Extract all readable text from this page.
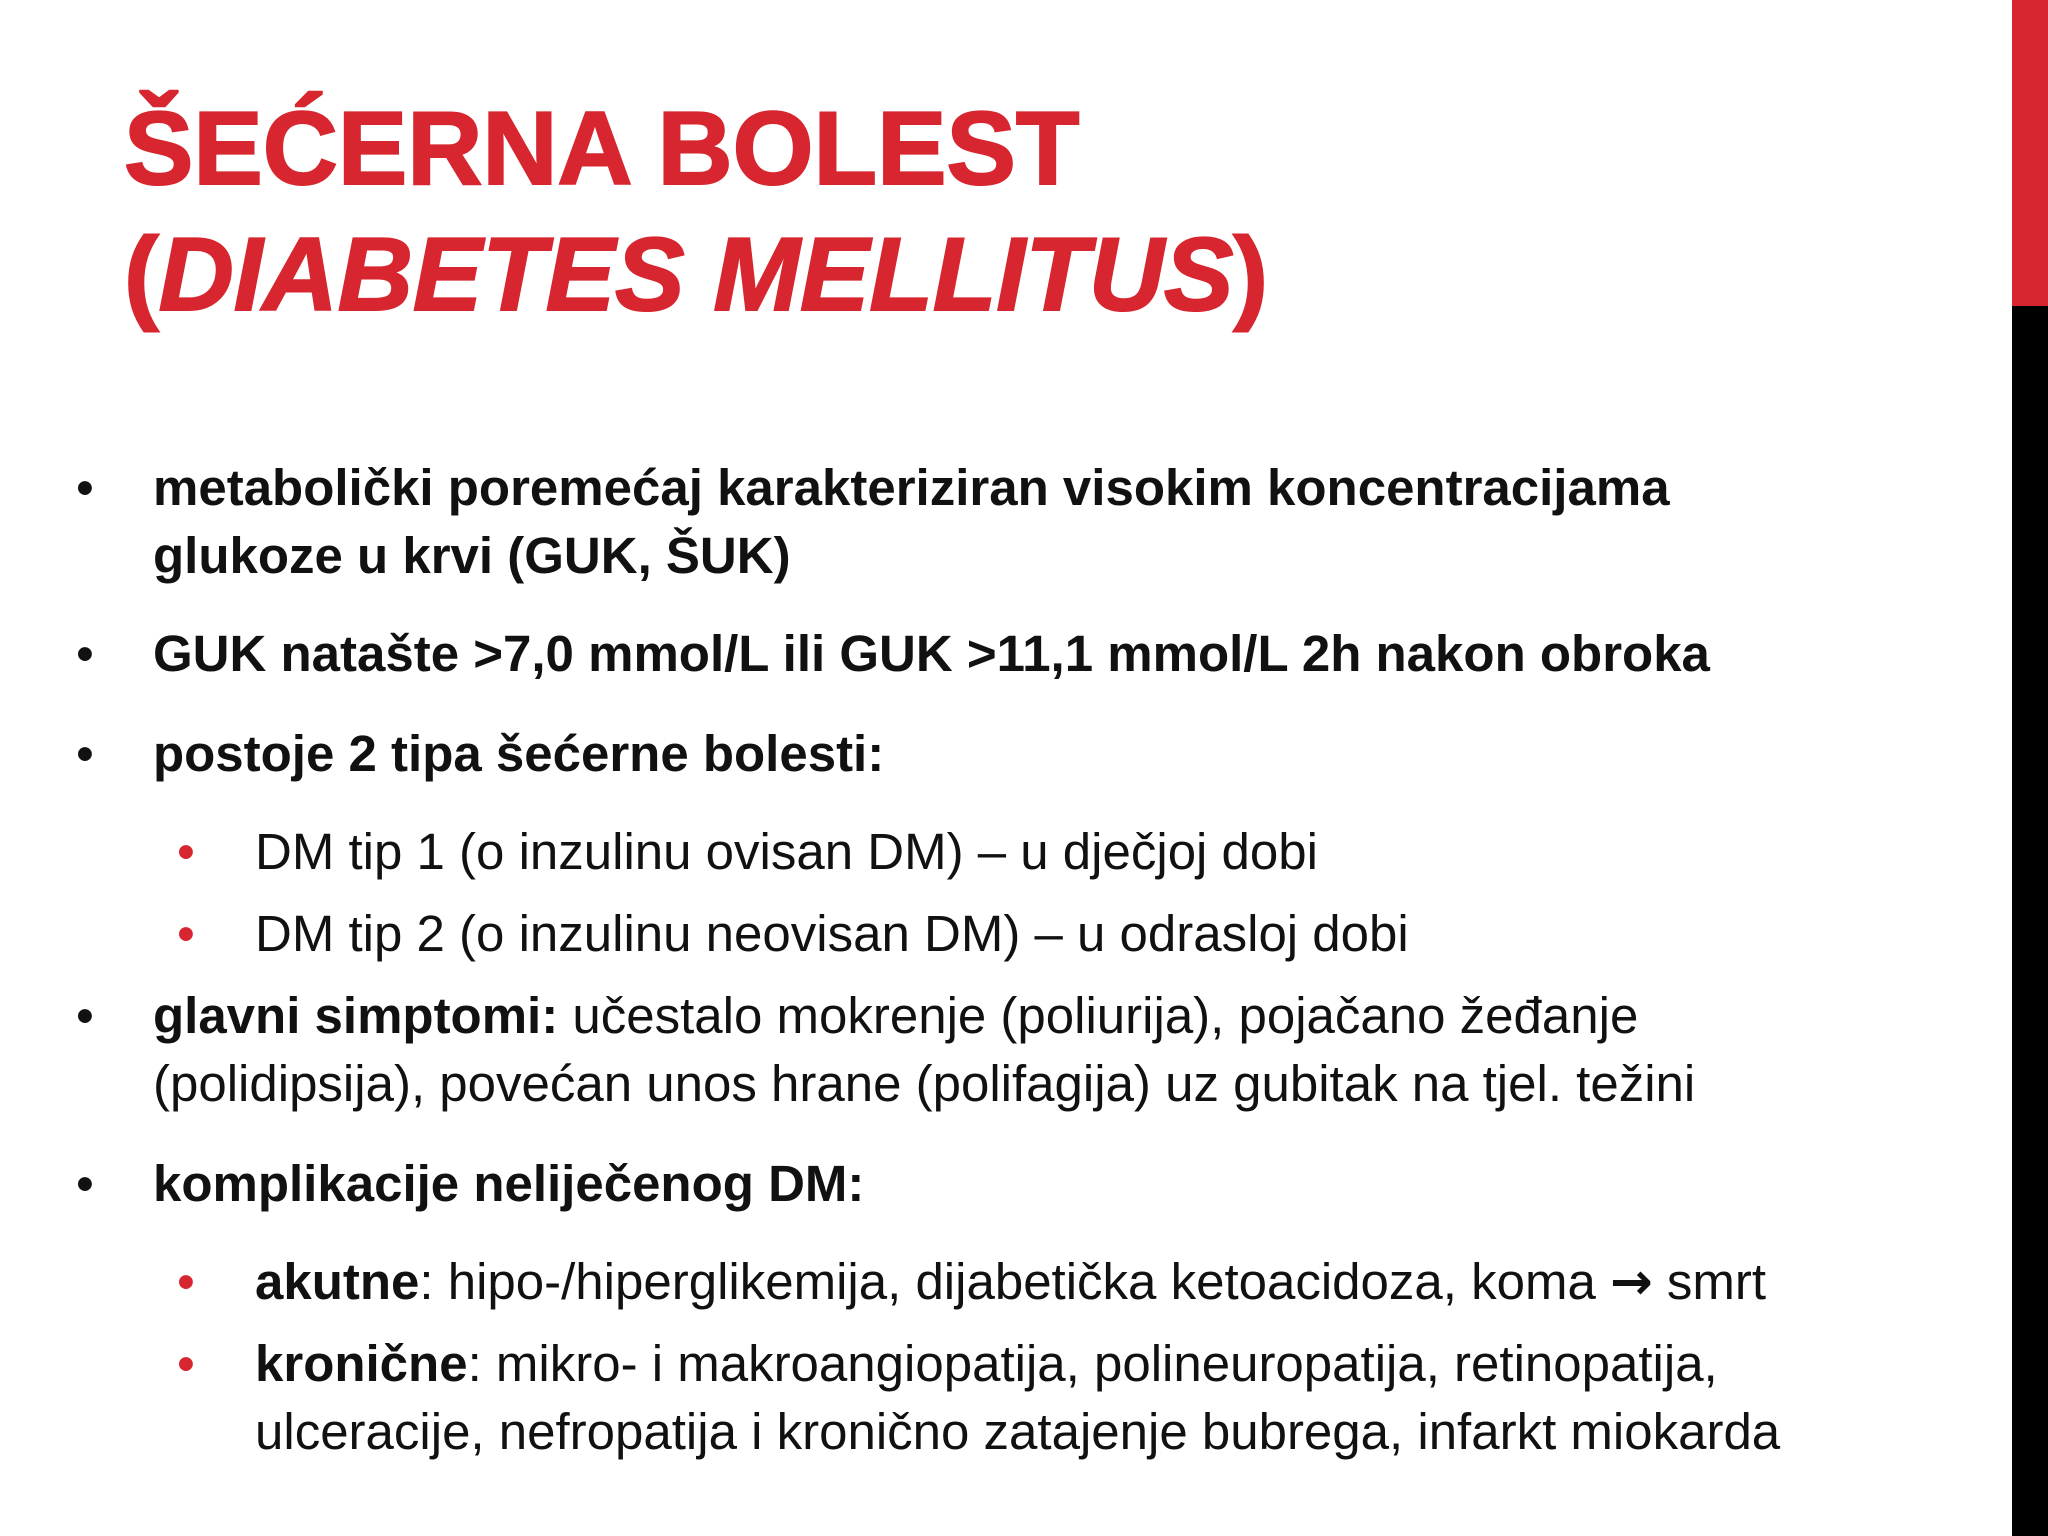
ŠEĆERNA BOLEST
(DIABETES MELLITUS)
• metabolički poremećaj karakteriziran visokim koncentracijama
glukoze u krvi (GUK, ŠUK)
• GUK natašte >7,0 mmol/L ili GUK >11,1 mmol/L 2h nakon obroka
• postoje 2 tipa šećerne bolesti:
• DM tip 1 (o inzulinu ovisan DM) – u dječjoj dobi
• DM tip 2 (o inzulinu neovisan DM) – u odrasloj dobi
• glavni simptomi: učestalo mokrenje (poliurija), pojačano žeđanje
(polidipsija), povećan unos hrane (polifagija) uz gubitak na tjel. težini
• komplikacije neliječenog DM:
• akutne: hipo-/hiperglikemija, dijabetička ketoacidoza, koma → smrt
• kronične: mikro- i makroangiopatija, polineuropatija, retinopatija,
ulceracije, nefropatija i kronično zatajenje bubrega, infarkt miokarda
